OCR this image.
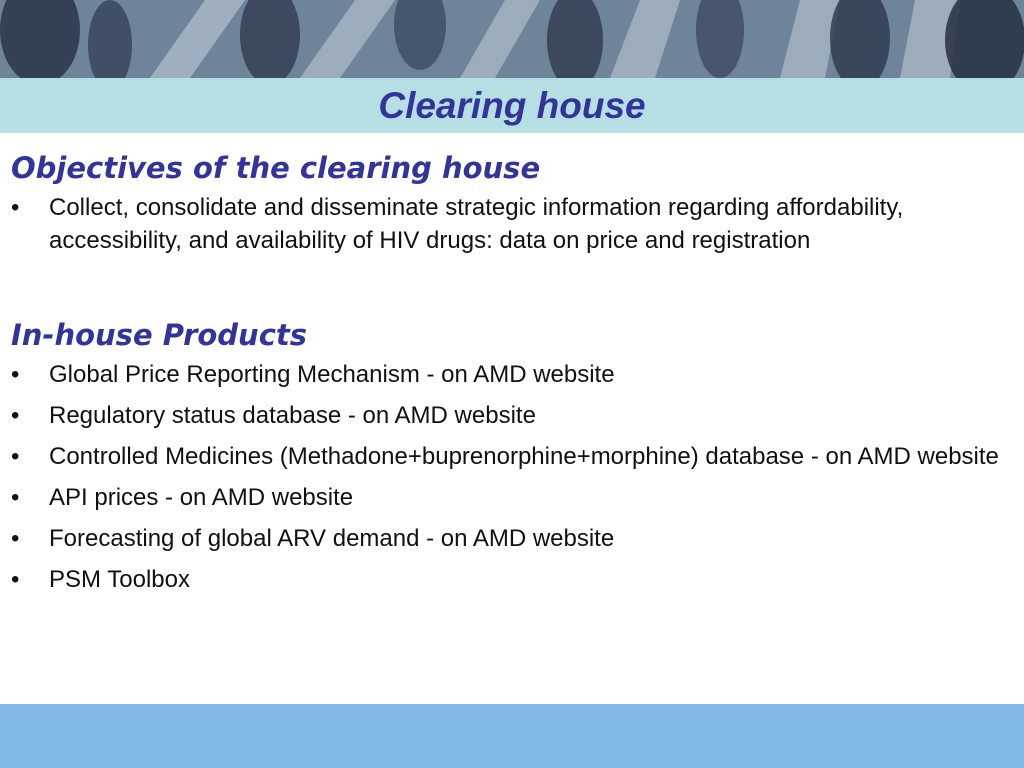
Clearing house
Objectives of the clearing house
•	Collect, consolidate and disseminate strategic information regarding affordability, accessibility, and availability of HIV drugs: data on price and registration
In-house Products
•	Global Price Reporting Mechanism - on AMD website
•	Regulatory status database - on AMD website
•	Controlled Medicines (Methadone+buprenorphine+morphine) database - on AMD website
•	API prices - on AMD website
•	Forecasting of global ARV demand - on AMD website
•	PSM Toolbox
